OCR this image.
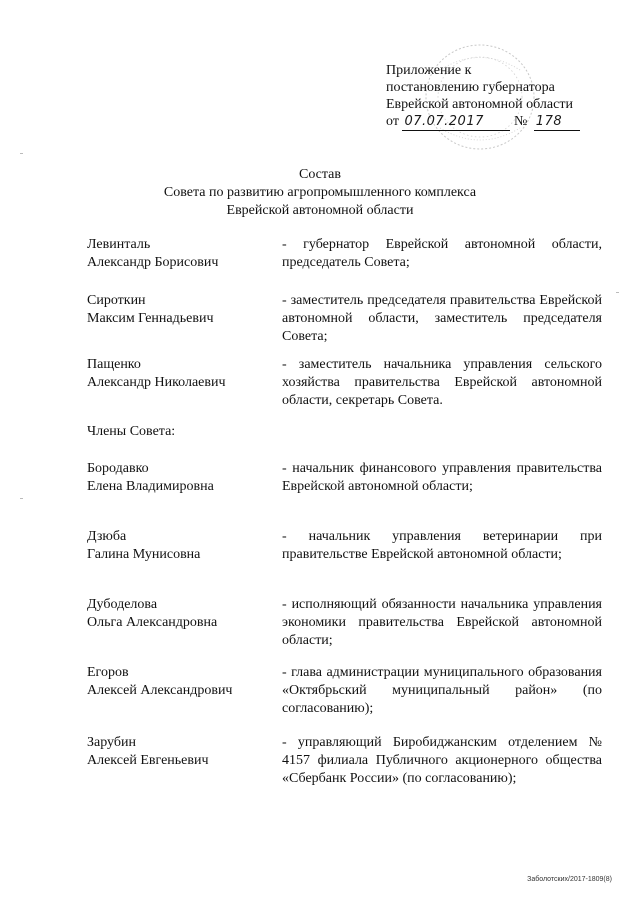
Приложение к
постановлению губернатора
Еврейской автономной области
от 07.07.2017 № 178
Состав
Совета по развитию агропромышленного комплекса
Еврейской автономной области
Левинталь
Александр Борисович
- губернатор Еврейской автономной области, председатель Совета;
Сироткин
Максим Геннадьевич
- заместитель председателя правительства Еврейской автономной области, заместитель председателя Совета;
Пащенко
Александр Николаевич
- заместитель начальника управления сельского хозяйства правительства Еврейской автономной области, секретарь Совета.
Члены Совета:
Бородавко
Елена Владимировна
- начальник финансового управления правительства Еврейской автономной области;
Дзюба
Галина Мунисовна
- начальник управления ветеринарии при правительстве Еврейской автономной области;
Дубоделова
Ольга Александровна
- исполняющий обязанности начальника управления экономики правительства Еврейской автономной области;
Егоров
Алексей Александрович
- глава администрации муниципального образования «Октябрьский муниципальный район» (по согласованию);
Зарубин
Алексей Евгеньевич
- управляющий Биробиджанским отделением № 4157 филиала Публичного акционерного общества «Сбербанк России» (по согласованию);
Заболотских/2017-1809(8)
